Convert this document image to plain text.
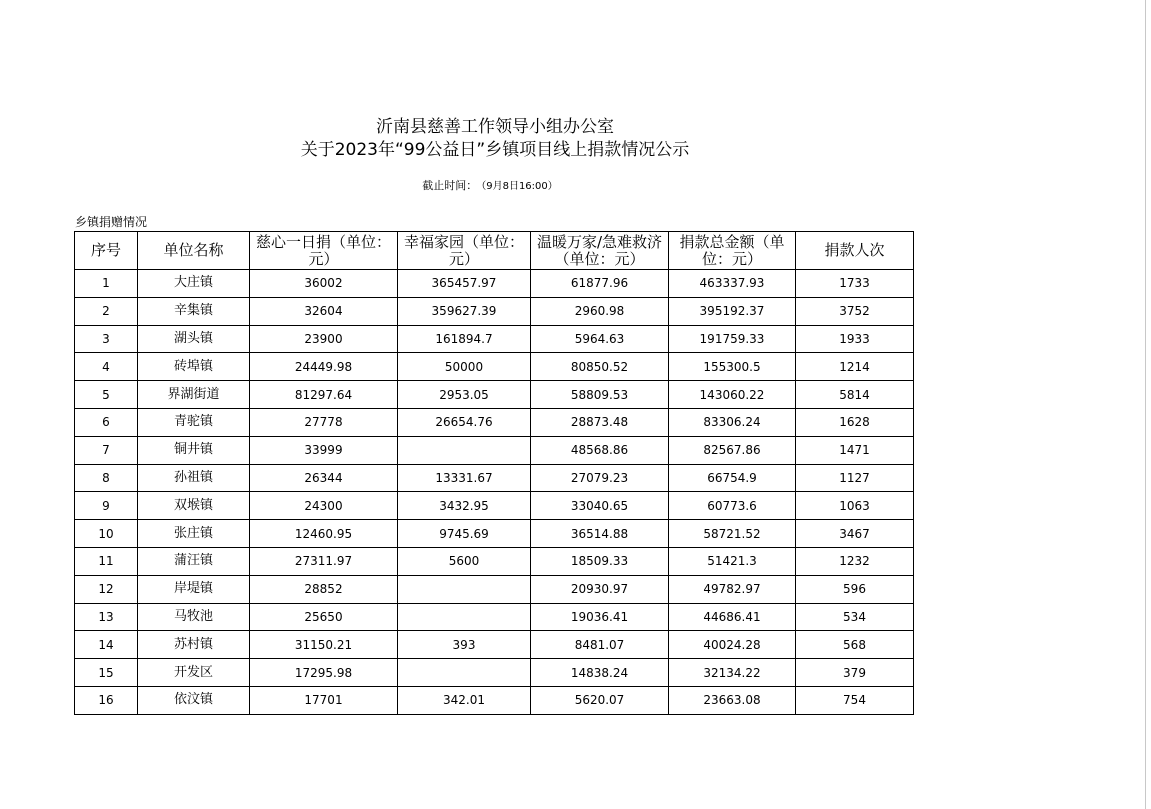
沂南县慈善工作领导小组办公室
关于2023年“99公益日”乡镇项目线上捐款情况公示
截止时间： （9月8日16:00）
乡镇捐赠情况
序号	单位名称	慈心一日捐（单位：元）	幸福家园（单位：元）	温暖万家/急难救济（单位：元）	捐款总金额（单位：元）	捐款人次
1	大庄镇	36002	365457.97	61877.96	463337.93	1733
2	辛集镇	32604	359627.39	2960.98	395192.37	3752
3	湖头镇	23900	161894.7	5964.63	191759.33	1933
4	砖埠镇	24449.98	50000	80850.52	155300.5	1214
5	界湖街道	81297.64	2953.05	58809.53	143060.22	5814
6	青驼镇	27778	26654.76	28873.48	83306.24	1628
7	铜井镇	33999		48568.86	82567.86	1471
8	孙祖镇	26344	13331.67	27079.23	66754.9	1127
9	双堠镇	24300	3432.95	33040.65	60773.6	1063
10	张庄镇	12460.95	9745.69	36514.88	58721.52	3467
11	蒲汪镇	27311.97	5600	18509.33	51421.3	1232
12	岸堤镇	28852		20930.97	49782.97	596
13	马牧池	25650		19036.41	44686.41	534
14	苏村镇	31150.21	393	8481.07	40024.28	568
15	开发区	17295.98		14838.24	32134.22	379
16	依汶镇	17701	342.01	5620.07	23663.08	754
